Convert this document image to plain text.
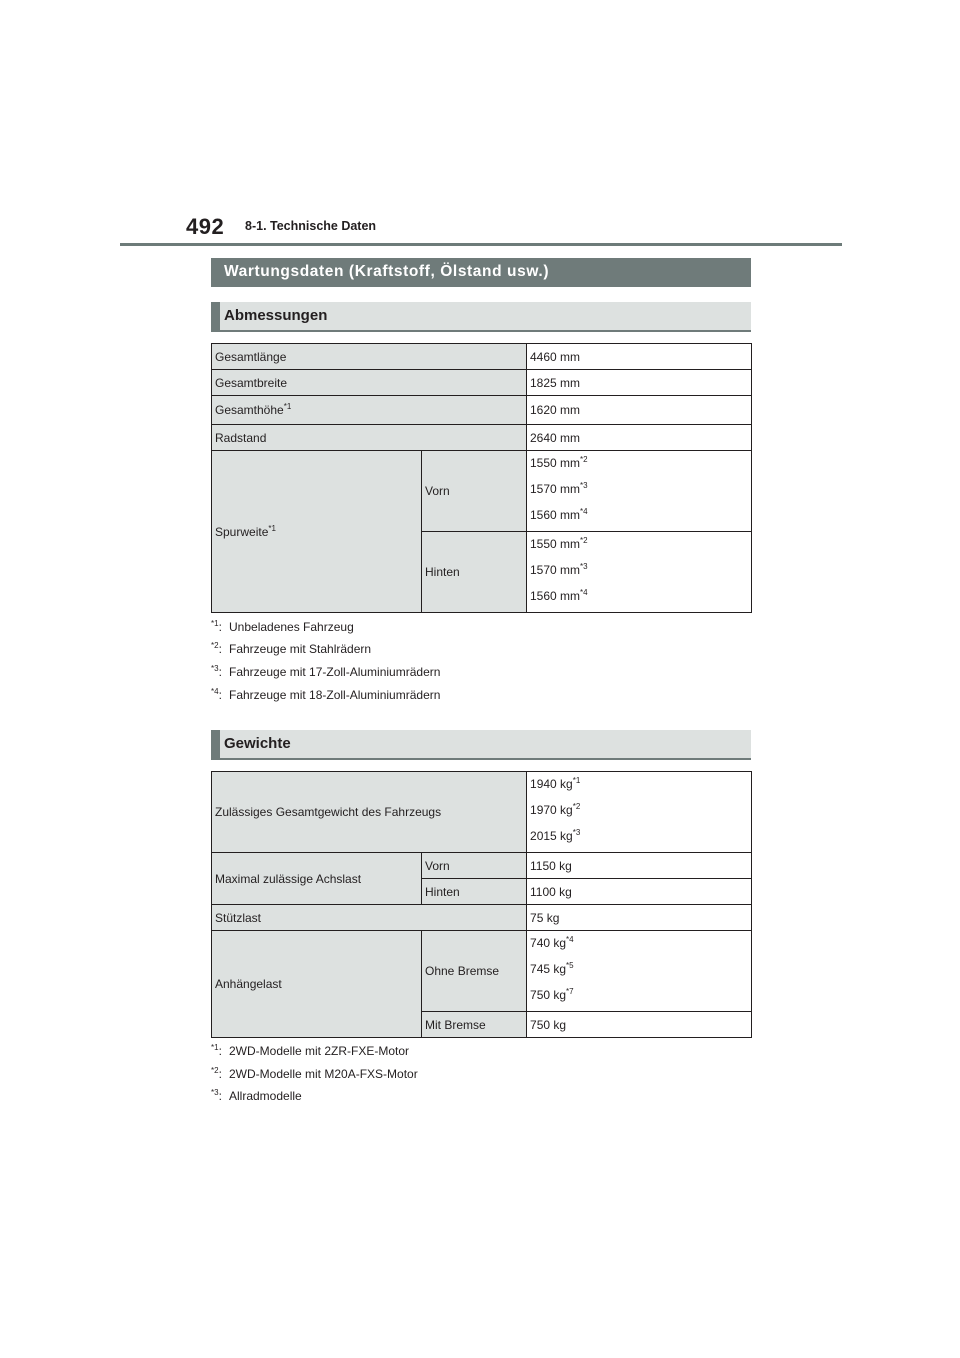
492 8-1. Technische Daten
Wartungsdaten (Kraftstoff, Ölstand usw.)
Abmessungen
Gesamtlänge		4460 mm
Gesamtbreite		1825 mm
Gesamthöhe$^{*1}$		1620 mm
Radstand		2640 mm
Spurweite$^{*1}$	Vorn	1550 $mm^{*2}$
1570 $mm^{*3}$
1560 $mm^{*4}$

	Hinten	1550 $mm^{*2}$
1570 $mm^{*3}$
1560 $mm^{*4}$
$^{*1}$: Unbeladenes Fahrzeug
$^{*2}$: Fahrzeuge mit Stahlrädern
$^{*3}$: Fahrzeuge mit 17-Zoll-Aluminiumrädern
$^{*4}$: Fahrzeuge mit 18-Zoll-Aluminiumrädern
Gewichte
Zulässiges Gesamtgewicht des Fahrzeugs		1940 $kg^{*1}$
1970 $kg^{*2}$
2015 $kg^{*3}$

Maximal zulässige Achslast	Vorn	1150 kg
	Hinten	1100 kg
Stützlast		75 kg
Anhängelast	Ohne Bremse	740 $kg^{*4}$
745 $kg^{*5}$
750 $kg^{*7}$

	Mit Bremse	750 kg
$^{*1}$: 2WD-Modelle mit 2ZR-FXE-Motor
$^{*2}$: 2WD-Modelle mit M20A-FXS-Motor
$^{*3}$: Allradmodelle
